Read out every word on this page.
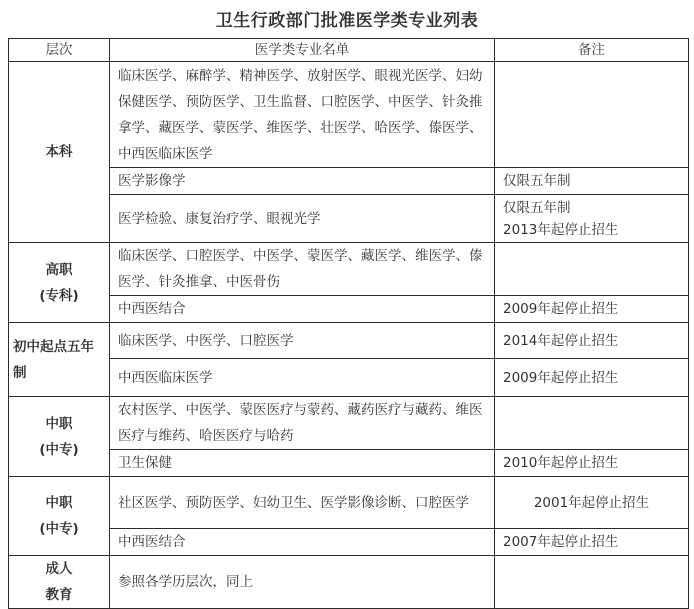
卫生行政部门批准医学类专业列表
层次	医学类专业名单	备注

本科	临床医学、麻醉学、精神医学、放射医学、眼视光医学、妇幼保健医学、预防医学、卫生监督、口腔医学、中医学、针灸推拿学、藏医学、蒙医学、维医学、壮医学、哈医学、傣医学、中西医临床医学	
	医学影像学	仅限五年制

	医学检验、康复治疗学、眼视光学	仅限五年制
2013年起停止招生

高职
(专科)	临床医学、口腔医学、中医学、蒙医学、藏医学、维医学、傣医学、针灸推拿、中医骨伤	
	中西医结合	2009年起停止招生

初中起点五年
制	临床医学、中医学、口腔医学	2014年起停止招生

	中西医临床医学	2009年起停止招生

中职
(中专)	农村医学、中医学、蒙医医疗与蒙药、藏药医疗与藏药、维医医疗与维药、哈医医疗与哈药	
	卫生保健	2010年起停止招生

中职
(中专)	社区医学、预防医学、妇幼卫生、医学影像诊断、口腔医学	2001年起停止招生

	中西医结合	2007年起停止招生

成人
教育	参照各学历层次，同上	
